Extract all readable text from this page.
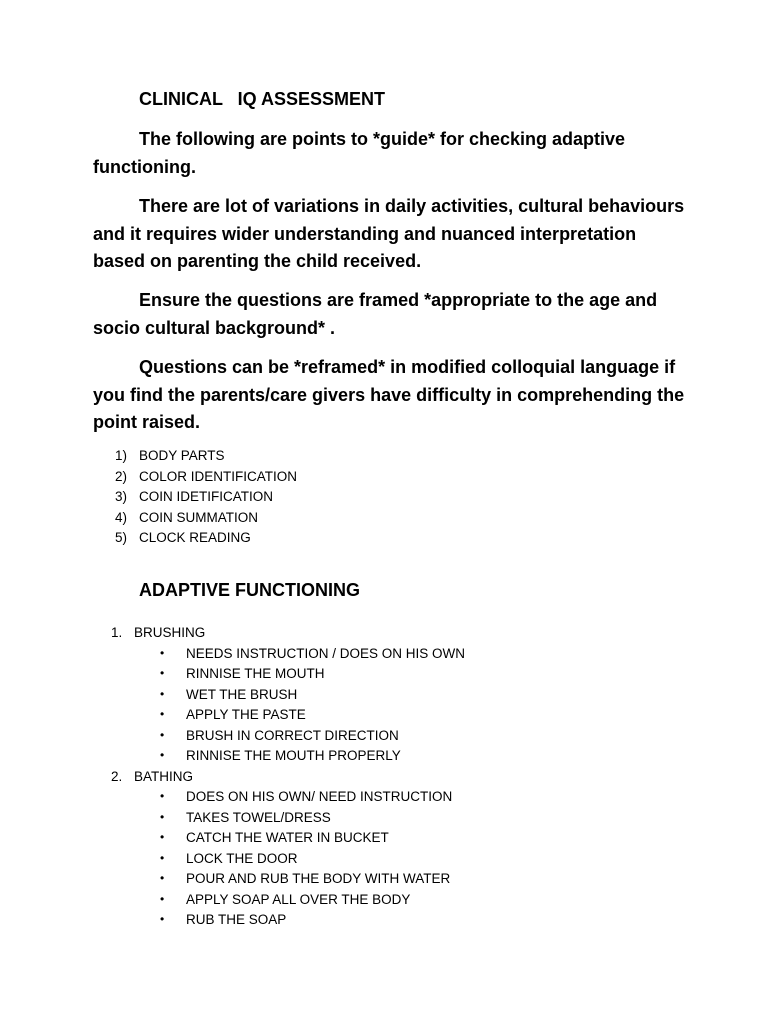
CLINICAL   IQ ASSESSMENT

The following are points to *guide* for checking adaptive functioning.

There are lot of variations in daily activities, cultural behaviours and it requires wider understanding and nuanced interpretation based on parenting the child received.

Ensure the questions are framed *appropriate to the age and socio cultural background* .

Questions can be *reframed* in modified colloquial language if you find the parents/care givers have difficulty in comprehending the point raised.

1) BODY PARTS
2) COLOR IDENTIFICATION
3) COIN IDETIFICATION
4) COIN SUMMATION
5) CLOCK READING
ADAPTIVE FUNCTIONING
1. BRUSHING
• NEEDS INSTRUCTION / DOES ON HIS OWN
• RINNISE THE MOUTH
• WET THE BRUSH
• APPLY THE PASTE
• BRUSH IN CORRECT DIRECTION
• RINNISE THE MOUTH PROPERLY
2. BATHING
• DOES ON HIS OWN/ NEED INSTRUCTION
• TAKES TOWEL/DRESS
• CATCH THE WATER IN BUCKET
• LOCK THE DOOR
• POUR AND RUB THE BODY WITH WATER
• APPLY SOAP ALL OVER THE BODY
• RUB THE SOAP
